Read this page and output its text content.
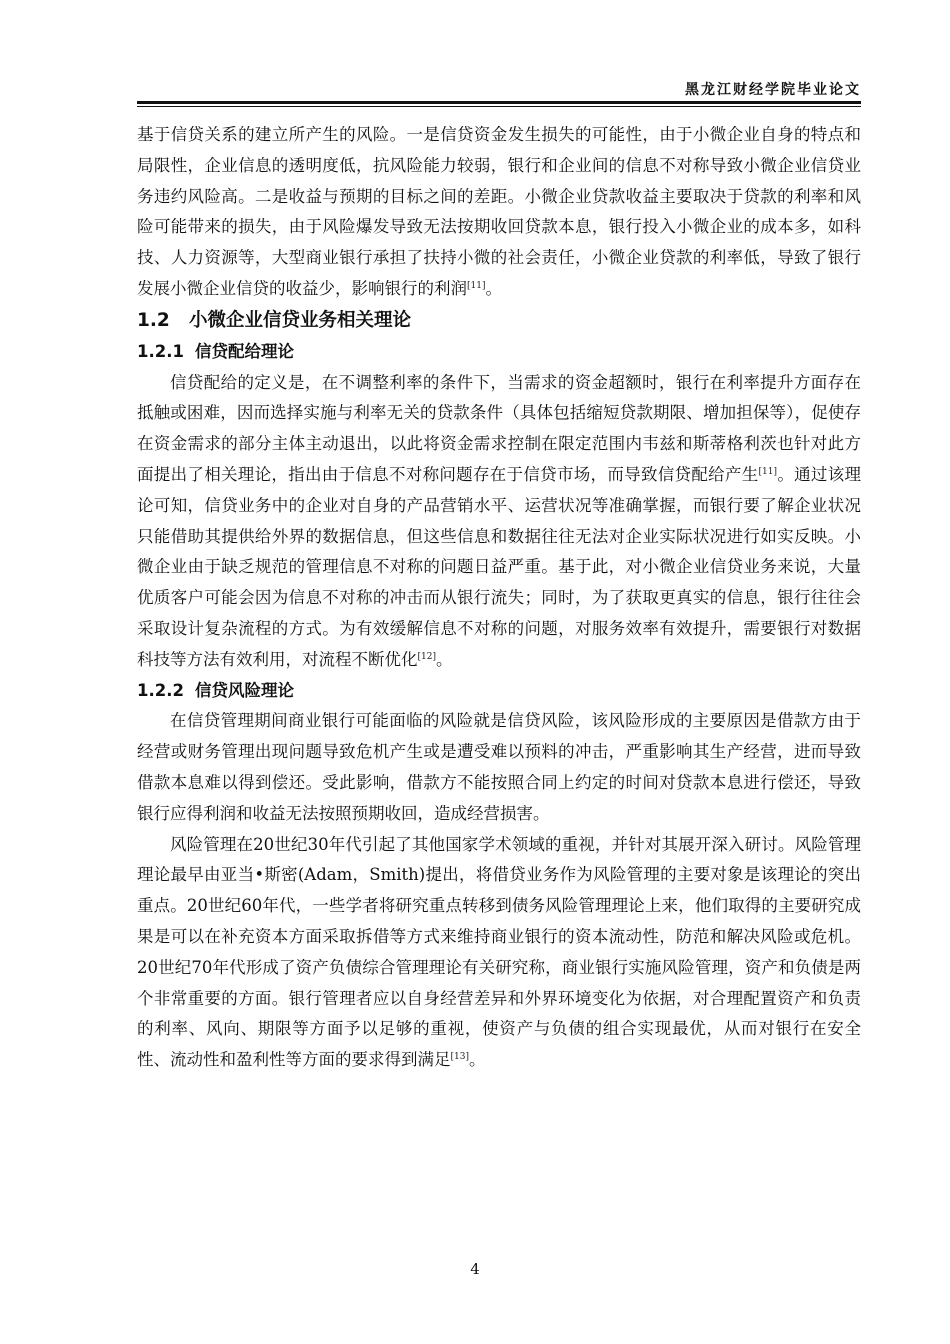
黑龙江财经学院毕业论文

基于信贷关系的建立所产生的风险。一是信贷资金发生损失的可能性，由于小微企业自身的特点和局限性，企业信息的透明度低，抗风险能力较弱，银行和企业间的信息不对称导致小微企业信贷业务违约风险高。二是收益与预期的目标之间的差距。小微企业贷款收益主要取决于贷款的利率和风险可能带来的损失，由于风险爆发导致无法按期收回贷款本息，银行投入小微企业的成本多，如科技、人力资源等，大型商业银行承担了扶持小微的社会责任，小微企业贷款的利率低，导致了银行发展小微企业信贷的收益少，影响银行的利润[11]。

1.2 小微企业信贷业务相关理论
1.2.1 信贷配给理论

信贷配给的定义是，在不调整利率的条件下，当需求的资金超额时，银行在利率提升方面存在抵触或困难，因而选择实施与利率无关的贷款条件（具体包括缩短贷款期限、增加担保等），促使存在资金需求的部分主体主动退出，以此将资金需求控制在限定范围内韦兹和斯蒂格利茨也针对此方面提出了相关理论，指出由于信息不对称问题存在于信贷市场，而导致信贷配给产生[11]。通过该理论可知，信贷业务中的企业对自身的产品营销水平、运营状况等准确掌握，而银行要了解企业状况只能借助其提供给外界的数据信息，但这些信息和数据往往无法对企业实际状况进行如实反映。小微企业由于缺乏规范的管理信息不对称的问题日益严重。基于此，对小微企业信贷业务来说，大量优质客户可能会因为信息不对称的冲击而从银行流失；同时，为了获取更真实的信息，银行往往会采取设计复杂流程的方式。为有效缓解信息不对称的问题，对服务效率有效提升，需要银行对数据科技等方法有效利用，对流程不断优化[12]。

1.2.2 信贷风险理论

在信贷管理期间商业银行可能面临的风险就是信贷风险，该风险形成的主要原因是借款方由于经营或财务管理出现问题导致危机产生或是遭受难以预料的冲击，严重影响其生产经营，进而导致借款本息难以得到偿还。受此影响，借款方不能按照合同上约定的时间对贷款本息进行偿还，导致银行应得利润和收益无法按照预期收回，造成经营损害。

风险管理在20世纪30年代引起了其他国家学术领域的重视，并针对其展开深入研讨。风险管理理论最早由亚当•斯密(Adam，Smith)提出，将借贷业务作为风险管理的主要对象是该理论的突出重点。20世纪60年代，一些学者将研究重点转移到债务风险管理理论上来，他们取得的主要研究成果是可以在补充资本方面采取拆借等方式来维持商业银行的资本流动性，防范和解决风险或危机。20世纪70年代形成了资产负债综合管理理论有关研究称，商业银行实施风险管理，资产和负债是两个非常重要的方面。银行管理者应以自身经营差异和外界环境变化为依据，对合理配置资产和负责的利率、风向、期限等方面予以足够的重视，使资产与负债的组合实现最优，从而对银行在安全性、流动性和盈利性等方面的要求得到满足[13]。

4
